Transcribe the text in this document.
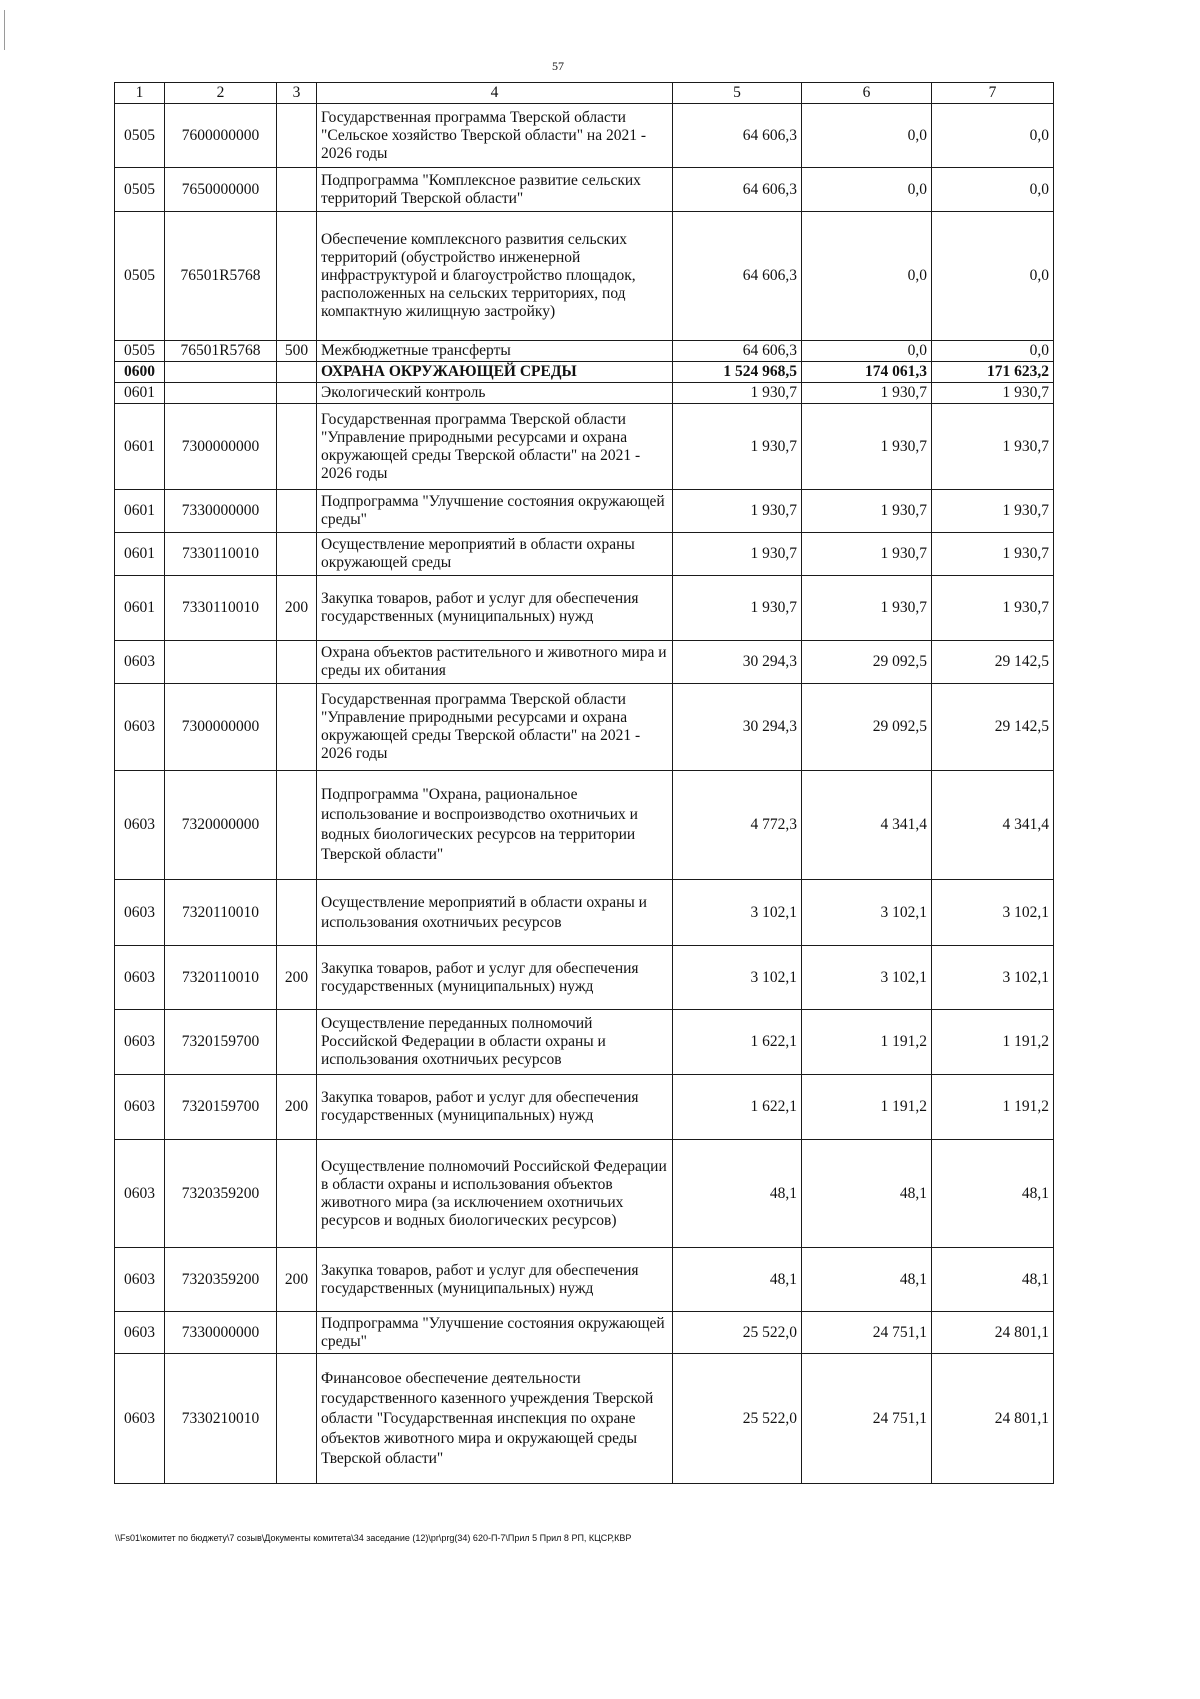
57
1	2	3	4	5	6	7
0505	7600000000		Государственная программа Тверской области "Сельское хозяйство Тверской области" на 2021 - 2026 годы	64 606,3	0,0	0,0
0505	7650000000		Подпрограмма "Комплексное развитие сельских территорий Тверской области"	64 606,3	0,0	0,0
0505	76501R5768		Обеспечение комплексного развития сельских территорий (обустройство инженерной инфраструктурой и благоустройство площадок, расположенных на сельских территориях, под компактную жилищную застройку)	64 606,3	0,0	0,0
0505	76501R5768	500	Межбюджетные трансферты	64 606,3	0,0	0,0
0600			ОХРАНА ОКРУЖАЮЩЕЙ СРЕДЫ	1 524 968,5	174 061,3	171 623,2
0601			Экологический контроль	1 930,7	1 930,7	1 930,7
0601	7300000000		Государственная программа Тверской области "Управление природными ресурсами и охрана окружающей среды Тверской области" на 2021 - 2026 годы	1 930,7	1 930,7	1 930,7
0601	7330000000		Подпрограмма "Улучшение состояния окружающей среды"	1 930,7	1 930,7	1 930,7
0601	7330110010		Осуществление мероприятий в области охраны окружающей среды	1 930,7	1 930,7	1 930,7
0601	7330110010	200	Закупка товаров, работ и услуг для обеспечения государственных (муниципальных) нужд	1 930,7	1 930,7	1 930,7
0603			Охрана объектов растительного и животного мира и среды их обитания	30 294,3	29 092,5	29 142,5
0603	7300000000		Государственная программа Тверской области "Управление природными ресурсами и охрана окружающей среды Тверской области" на 2021 - 2026 годы	30 294,3	29 092,5	29 142,5
0603	7320000000		Подпрограмма "Охрана, рациональное использование и воспроизводство охотничьих и водных биологических ресурсов на территории Тверской области"	4 772,3	4 341,4	4 341,4
0603	7320110010		Осуществление мероприятий в области охраны и использования охотничьих ресурсов	3 102,1	3 102,1	3 102,1
0603	7320110010	200	Закупка товаров, работ и услуг для обеспечения государственных (муниципальных) нужд	3 102,1	3 102,1	3 102,1
0603	7320159700		Осуществление переданных полномочий Российской Федерации в области охраны и использования охотничьих ресурсов	1 622,1	1 191,2	1 191,2
0603	7320159700	200	Закупка товаров, работ и услуг для обеспечения государственных (муниципальных) нужд	1 622,1	1 191,2	1 191,2
0603	7320359200		Осуществление полномочий Российской Федерации в области охраны и использования объектов животного мира (за исключением охотничьих ресурсов и водных биологических ресурсов)	48,1	48,1	48,1
0603	7320359200	200	Закупка товаров, работ и услуг для обеспечения государственных (муниципальных) нужд	48,1	48,1	48,1
0603	7330000000		Подпрограмма "Улучшение состояния окружающей среды"	25 522,0	24 751,1	24 801,1
0603	7330210010		Финансовое обеспечение деятельности государственного казенного учреждения Тверской области "Государственная инспекция по охране объектов животного мира и окружающей среды Тверской области"	25 522,0	24 751,1	24 801,1
\\Fs01\комитет по бюджету\7 созыв\Документы комитета\34 заседание (12)\pr\prg(34) 620-П-7\Прил 5 Прил 8 РП, КЦСР,КВР
